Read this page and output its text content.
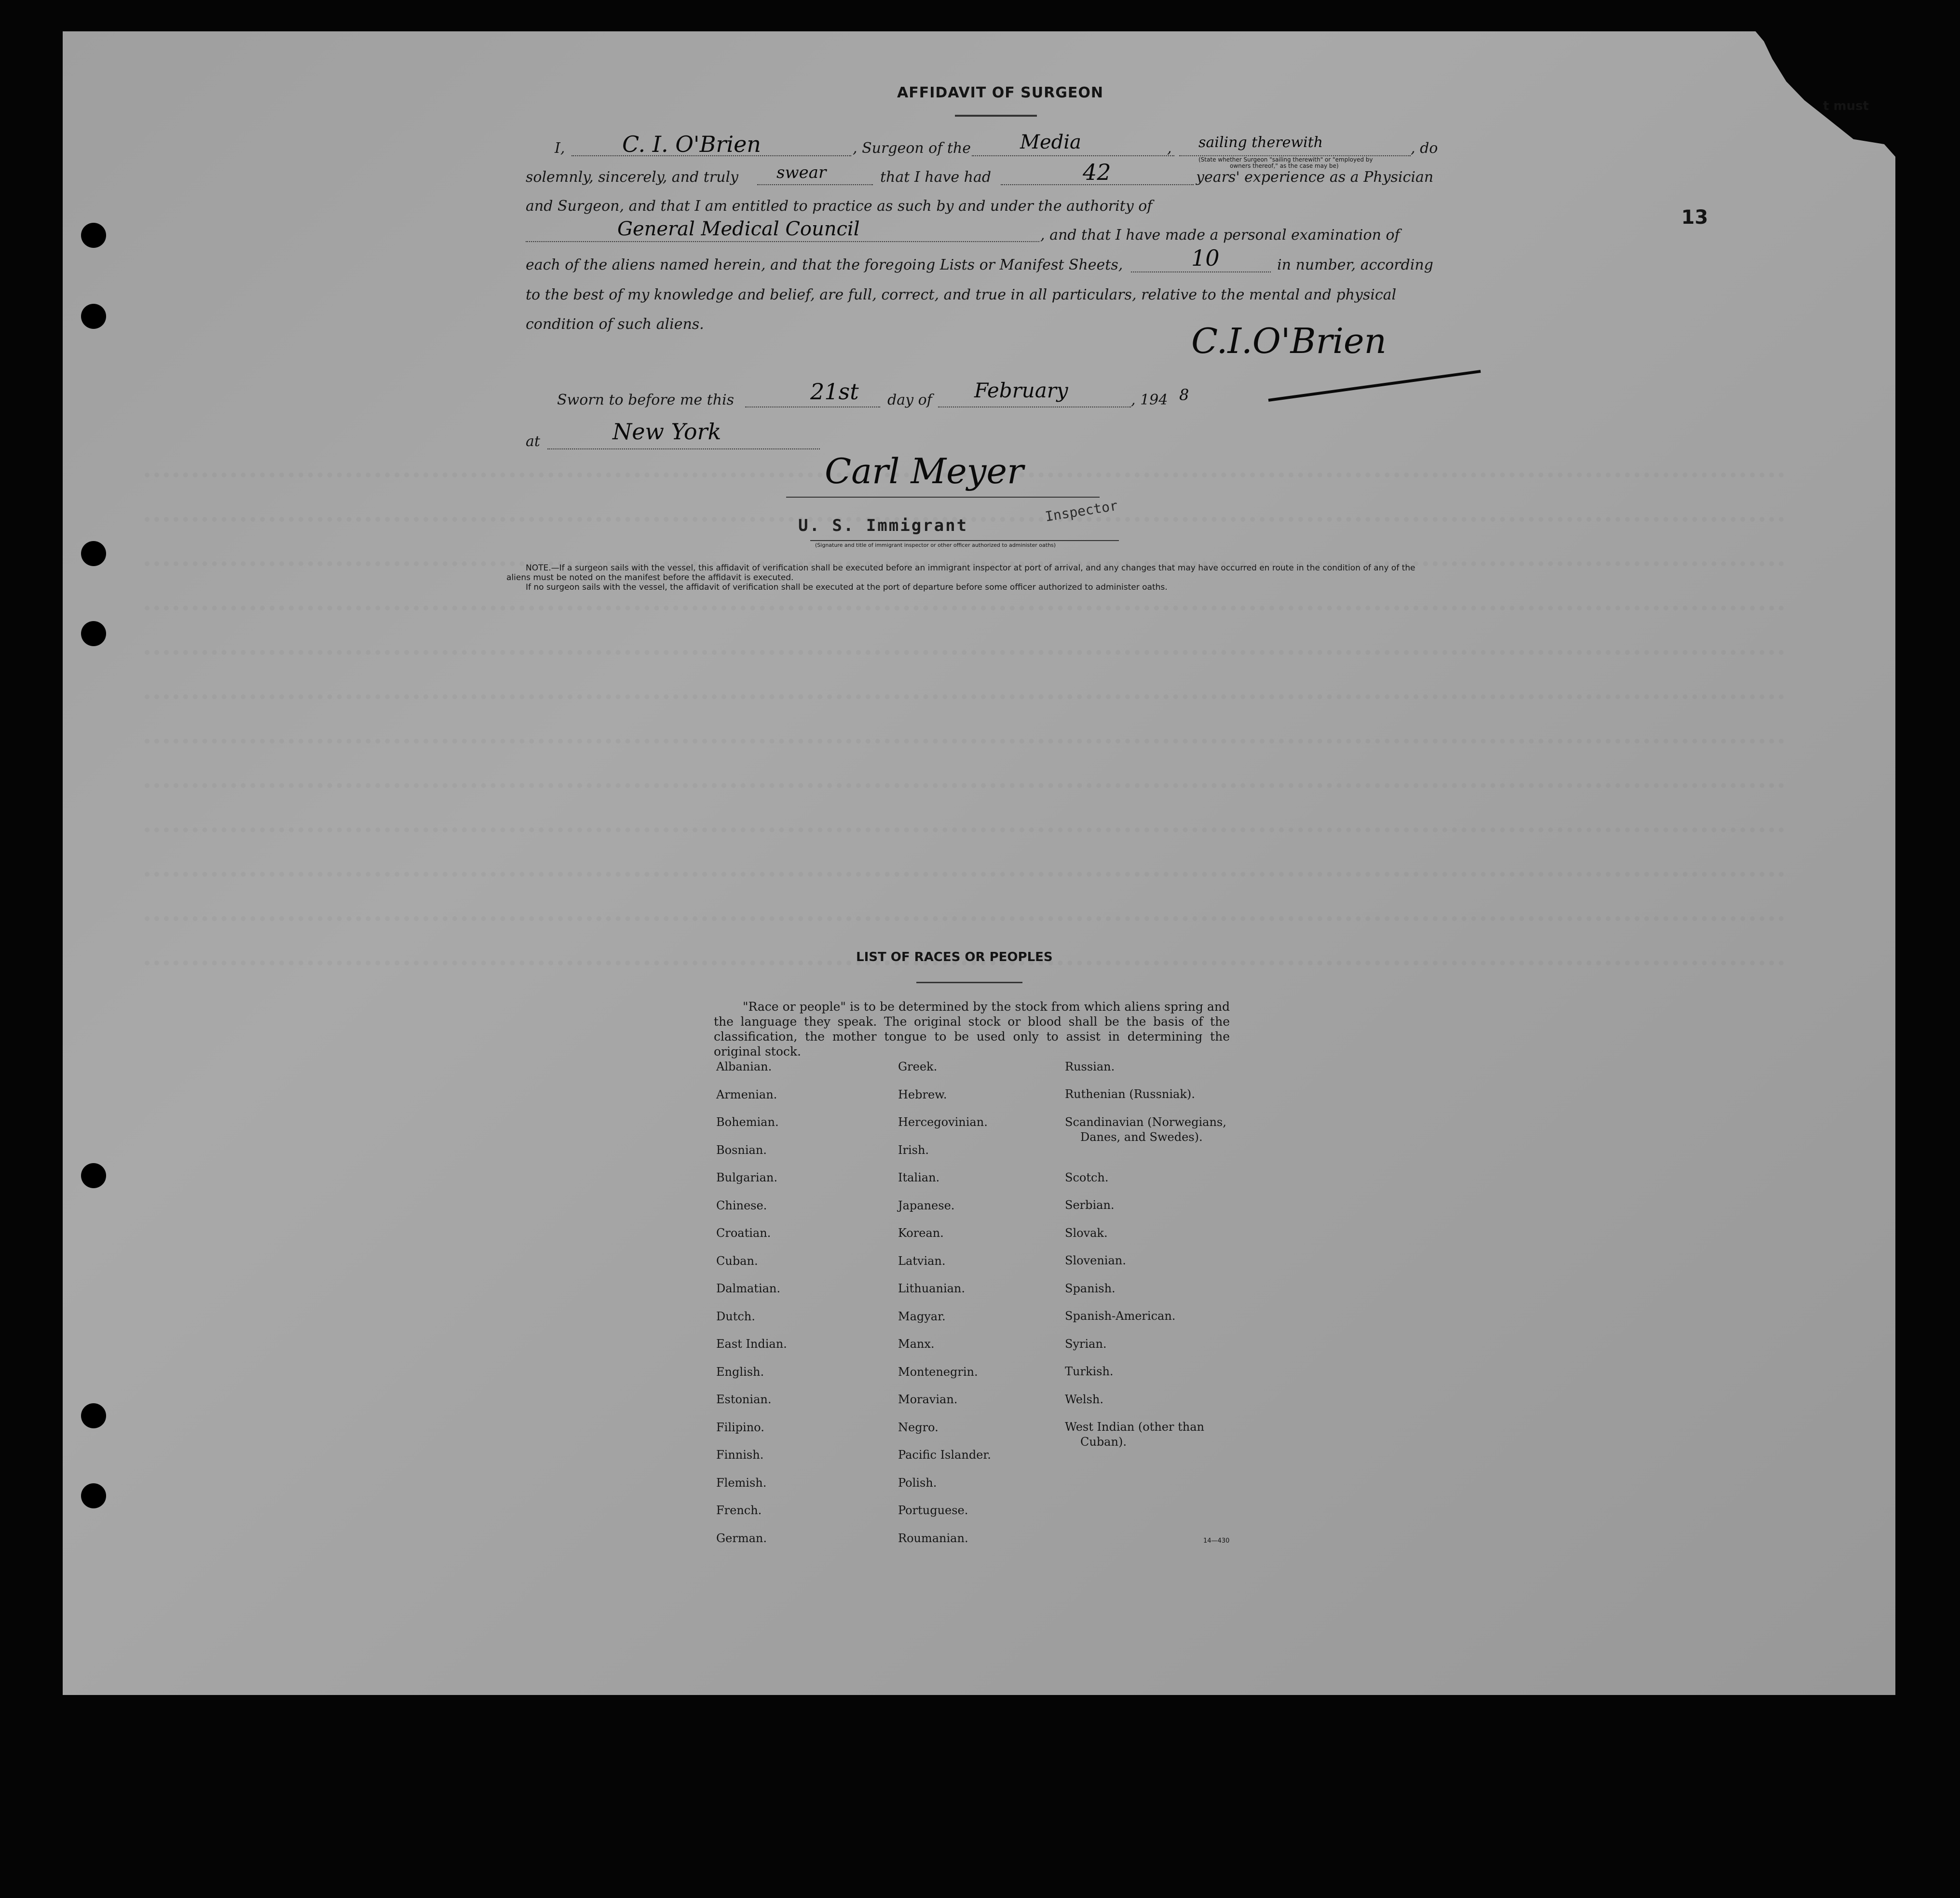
t must
13
AFFIDAVIT OF SURGEON
I,	C. I. O'Brien	, Surgeon of the	Media	,	sailing therewith	, do
(State whether Surgeon "sailing therewith" or "employed by
owners thereof," as the case may be)
solemnly, sincerely, and truly	swear	that I have had	42	years' experience as a Physician
and Surgeon, and that I am entitled to practice as such by and under the authority of
General Medical Council	, and that I have made a personal examination of
each of the aliens named herein, and that the foregoing Lists or Manifest Sheets,	10	in number, according
to the best of my knowledge and belief, are full, correct, and true in all particulars, relative to the mental and physical
condition of such aliens.	C.I.O'Brien
Sworn to before me this	21st day of	February	, 194 8
at	New York
Carl Meyer
U. S. Immigrant
Inspector
(Signature and title of immigrant inspector or other officer authorized to administer oaths)

NOTE.—If a surgeon sails with the vessel, this affidavit of verification shall be executed before an immigrant inspector at port of arrival, and any changes that may have occurred en route in the condition of any of the aliens must be noted on the manifest before the affidavit is executed.

If no surgeon sails with the vessel, the affidavit of verification shall be executed at the port of departure before some officer authorized to administer oaths.

LIST OF RACES OR PEOPLES
"Race or people" is to be determined by the stock from which aliens spring and the language they speak. The original stock or blood shall be the basis of the classification, the mother tongue to be used only to assist in determining the original stock.
Albanian.
Armenian.
Bohemian.
Bosnian.
Bulgarian.
Chinese.
Croatian.
Cuban.
Dalmatian.
Dutch.
East Indian.
English.
Estonian.
Filipino.
Finnish.
Flemish.
French.
German.
Greek.
Hebrew.
Hercegovinian.
Irish.
Italian.
Japanese.
Korean.
Latvian.
Lithuanian.
Magyar.
Manx.
Montenegrin.
Moravian.
Negro.
Pacific Islander.
Polish.
Portuguese.
Roumanian.
Russian.
Ruthenian (Russniak).
Scandinavian (Norwegians,
Danes, and Swedes).
Scotch.
Serbian.
Slovak.
Slovenian.
Spanish.
Spanish-American.
Syrian.
Turkish.
Welsh.
West Indian (other than
Cuban).
14—430
